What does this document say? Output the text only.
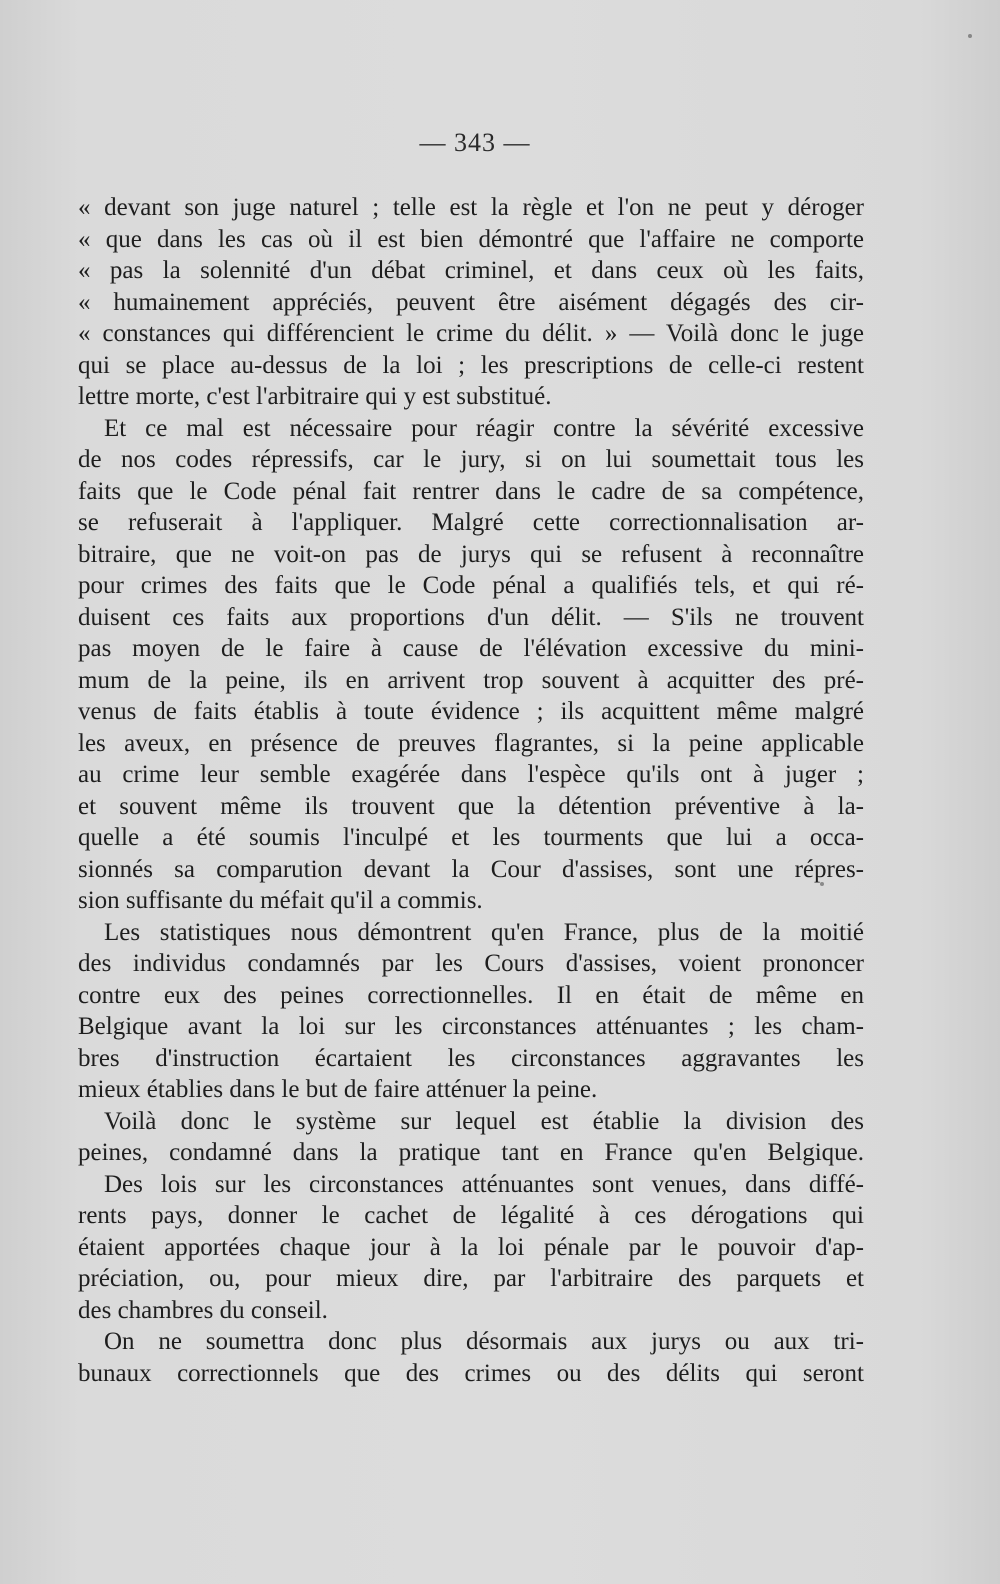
— 343 —
« devant son juge naturel ; telle est la règle et l'on ne peut y déroger
« que dans les cas où il est bien démontré que l'affaire ne comporte
« pas la solennité d'un débat criminel, et dans ceux où les faits,
« humainement appréciés, peuvent être aisément dégagés des cir-
« constances qui différencient le crime du délit. » — Voilà donc le juge
qui se place au-dessus de la loi ; les prescriptions de celle-ci restent
lettre morte, c'est l'arbitraire qui y est substitué.
Et ce mal est nécessaire pour réagir contre la sévérité excessive
de nos codes répressifs, car le jury, si on lui soumettait tous les
faits que le Code pénal fait rentrer dans le cadre de sa compétence,
se refuserait à l'appliquer. Malgré cette correctionnalisation ar-
bitraire, que ne voit-on pas de jurys qui se refusent à reconnaître
pour crimes des faits que le Code pénal a qualifiés tels, et qui ré-
duisent ces faits aux proportions d'un délit. — S'ils ne trouvent
pas moyen de le faire à cause de l'élévation excessive du mini-
mum de la peine, ils en arrivent trop souvent à acquitter des pré-
venus de faits établis à toute évidence ; ils acquittent même malgré
les aveux, en présence de preuves flagrantes, si la peine applicable
au crime leur semble exagérée dans l'espèce qu'ils ont à juger ;
et souvent même ils trouvent que la détention préventive à la-
quelle a été soumis l'inculpé et les tourments que lui a occa-
sionnés sa comparution devant la Cour d'assises, sont une répres-
sion suffisante du méfait qu'il a commis.
Les statistiques nous démontrent qu'en France, plus de la moitié
des individus condamnés par les Cours d'assises, voient prononcer
contre eux des peines correctionnelles. Il en était de même en
Belgique avant la loi sur les circonstances atténuantes ; les cham-
bres d'instruction écartaient les circonstances aggravantes les
mieux établies dans le but de faire atténuer la peine.
Voilà donc le système sur lequel est établie la division des
peines, condamné dans la pratique tant en France qu'en Belgique.
Des lois sur les circonstances atténuantes sont venues, dans diffé-
rents pays, donner le cachet de légalité à ces dérogations qui
étaient apportées chaque jour à la loi pénale par le pouvoir d'ap-
préciation, ou, pour mieux dire, par l'arbitraire des parquets et
des chambres du conseil.
On ne soumettra donc plus désormais aux jurys ou aux tri-
bunaux correctionnels que des crimes ou des délits qui seront
